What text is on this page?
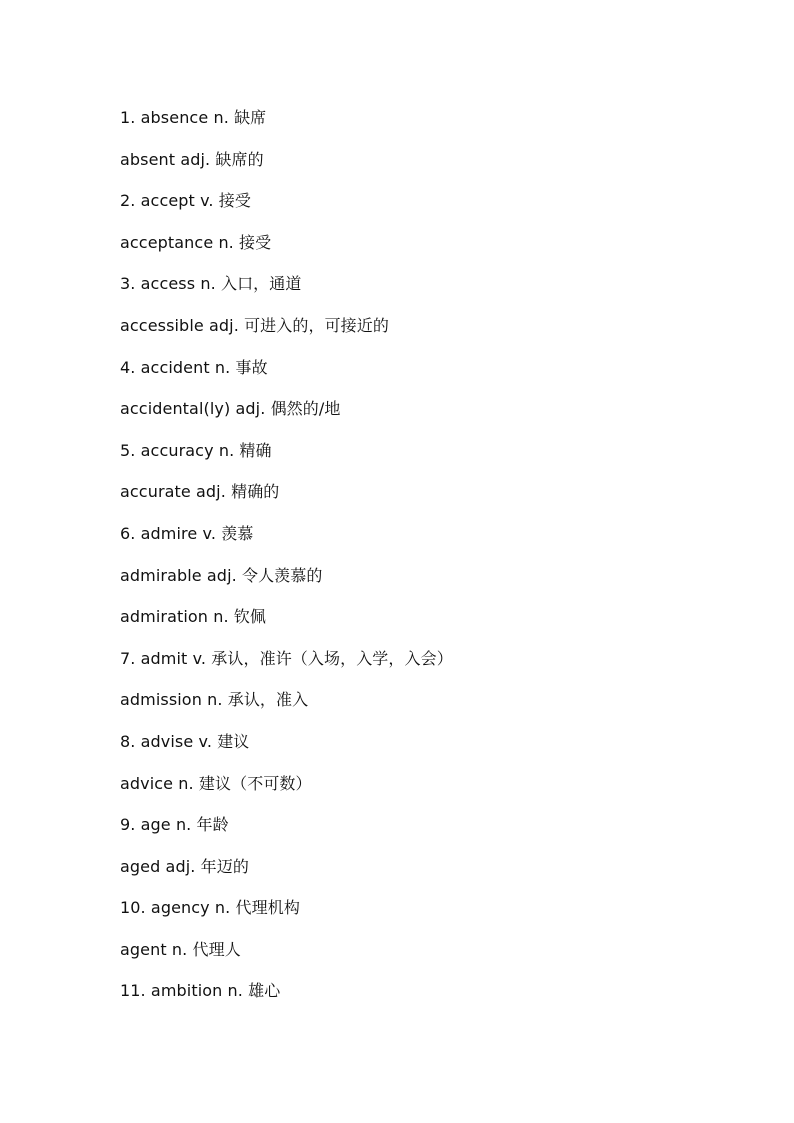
1. absence n. 缺席
absent adj. 缺席的
2. accept v. 接受
acceptance n. 接受
3. access n. 入口，通道
accessible adj. 可进入的，可接近的
4. accident n. 事故
accidental(ly) adj. 偶然的/地
5. accuracy n. 精确
accurate adj. 精确的
6. admire v. 羡慕
admirable adj. 令人羡慕的
admiration n. 钦佩
7. admit v. 承认，准许（入场，入学，入会）
admission n. 承认，准入
8. advise v. 建议
advice n. 建议（不可数）
9. age n. 年龄
aged adj. 年迈的
10. agency n. 代理机构
agent n. 代理人
11. ambition n. 雄心
